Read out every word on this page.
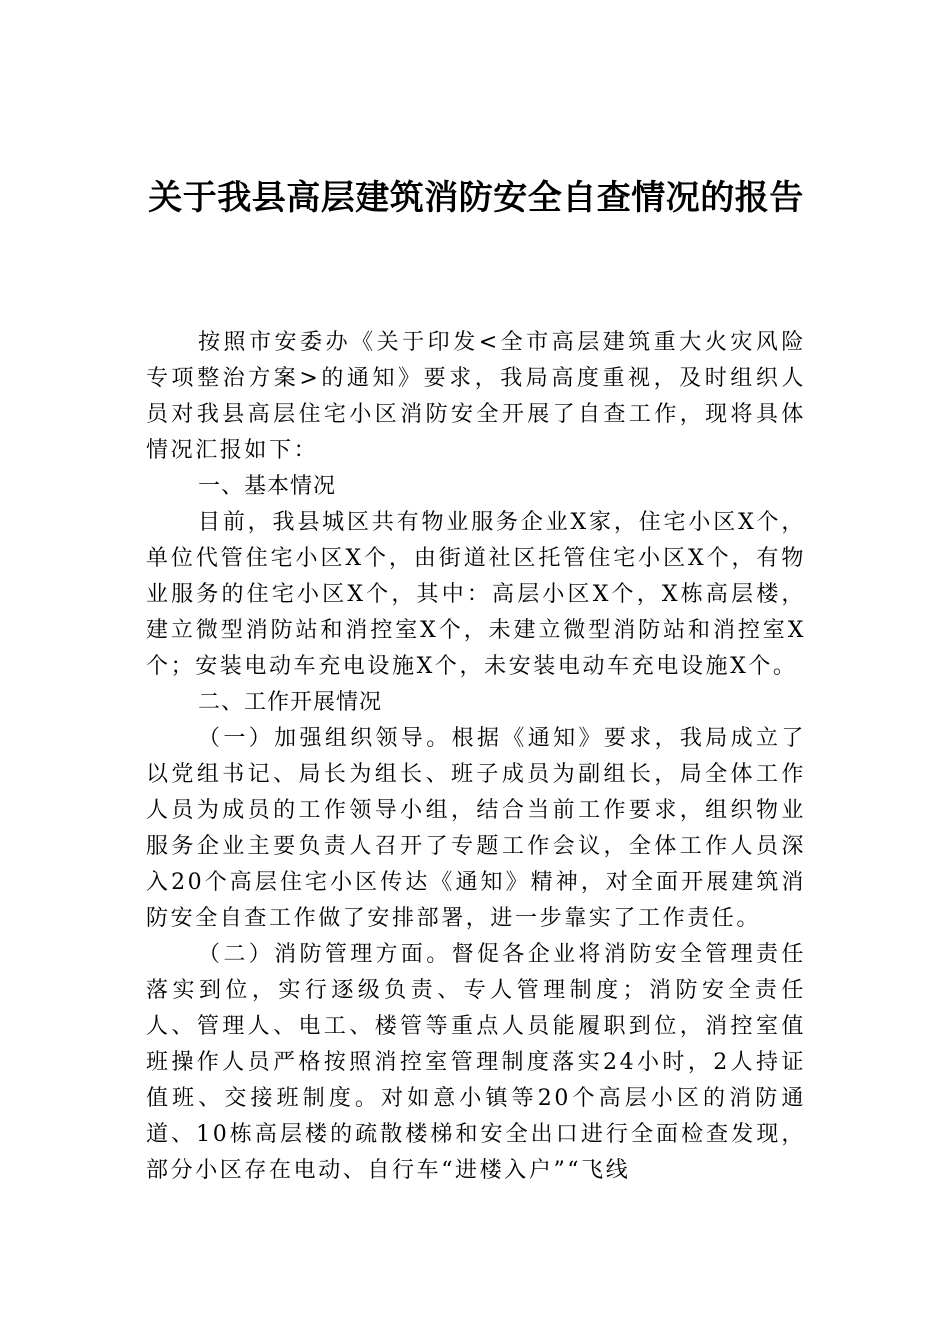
关于我县高层建筑消防安全自查情况的报告

按照市安委办《关于印发<全市高层建筑重大火灾风险专项整治方案>的通知》要求，我局高度重视，及时组织人员对我县高层住宅小区消防安全开展了自查工作，现将具体情况汇报如下：

一、基本情况

目前，我县城区共有物业服务企业X家，住宅小区X个，单位代管住宅小区X个，由街道社区托管住宅小区X个，有物业服务的住宅小区X个，其中：高层小区X个，X栋高层楼，建立微型消防站和消控室X个，未建立微型消防站和消控室X个；安装电动车充电设施X个，未安装电动车充电设施X个。

二、工作开展情况

（一）加强组织领导。根据《通知》要求，我局成立了以党组书记、局长为组长、班子成员为副组长，局全体工作人员为成员的工作领导小组，结合当前工作要求，组织物业服务企业主要负责人召开了专题工作会议，全体工作人员深入20个高层住宅小区传达《通知》精神，对全面开展建筑消防安全自查工作做了安排部署，进一步靠实了工作责任。

（二）消防管理方面。督促各企业将消防安全管理责任落实到位，实行逐级负责、专人管理制度；消防安全责任人、管理人、电工、楼管等重点人员能履职到位，消控室值班操作人员严格按照消控室管理制度落实24小时，2人持证值班、交接班制度。对如意小镇等20个高层小区的消防通道、10栋高层楼的疏散楼梯和安全出口进行全面检查发现，部分小区存在电动、自行车“进楼入户”“飞线
